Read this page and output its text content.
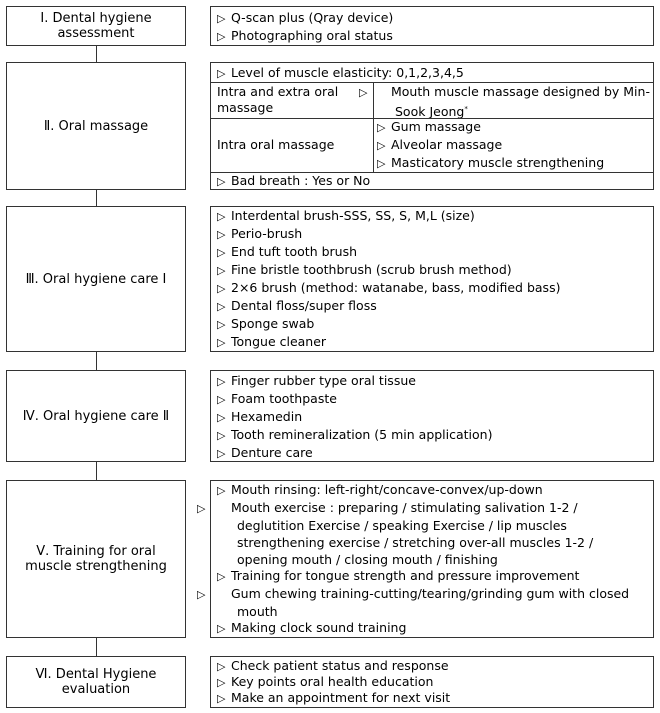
Ⅰ. Dental hygiene assessment
▷ Q-scan plus (Qray device)
▷ Photographing oral status
Ⅱ. Oral massage
▷ Level of muscle elasticity: 0,1,2,3,4,5
Intra and extra oral massage
▷ Mouth muscle massage designed by Min-Sook Jeong*
Intra oral massage
▷ Gum massage
▷ Alveolar massage
▷ Masticatory muscle strengthening
▷ Bad breath : Yes or No
Ⅲ. Oral hygiene care Ⅰ
▷ Interdental brush-SSS, SS, S, M,L (size)
▷ Perio-brush
▷ End tuft tooth brush
▷ Fine bristle toothbrush (scrub brush method)
▷ 2×6 brush (method: watanabe, bass, modified bass)
▷ Dental floss/super floss
▷ Sponge swab
▷ Tongue cleaner
Ⅳ. Oral hygiene care Ⅱ
▷ Finger rubber type oral tissue
▷ Foam toothpaste
▷ Hexamedin
▷ Tooth remineralization (5 min application)
▷ Denture care
Ⅴ. Training for oral muscle strengthening
▷ Mouth rinsing: left-right/concave-convex/up-down
▷ Mouth exercise : preparing / stimulating salivation 1-2 / deglutition Exercise / speaking Exercise / lip muscles strengthening exercise / stretching over-all muscles 1-2 / opening mouth / closing mouth / finishing
▷ Training for tongue strength and pressure improvement
▷ Gum chewing training-cutting/tearing/grinding gum with closed mouth
▷ Making clock sound training
Ⅵ. Dental Hygiene evaluation
▷ Check patient status and response
▷ Key points oral health education
▷ Make an appointment for next visit
